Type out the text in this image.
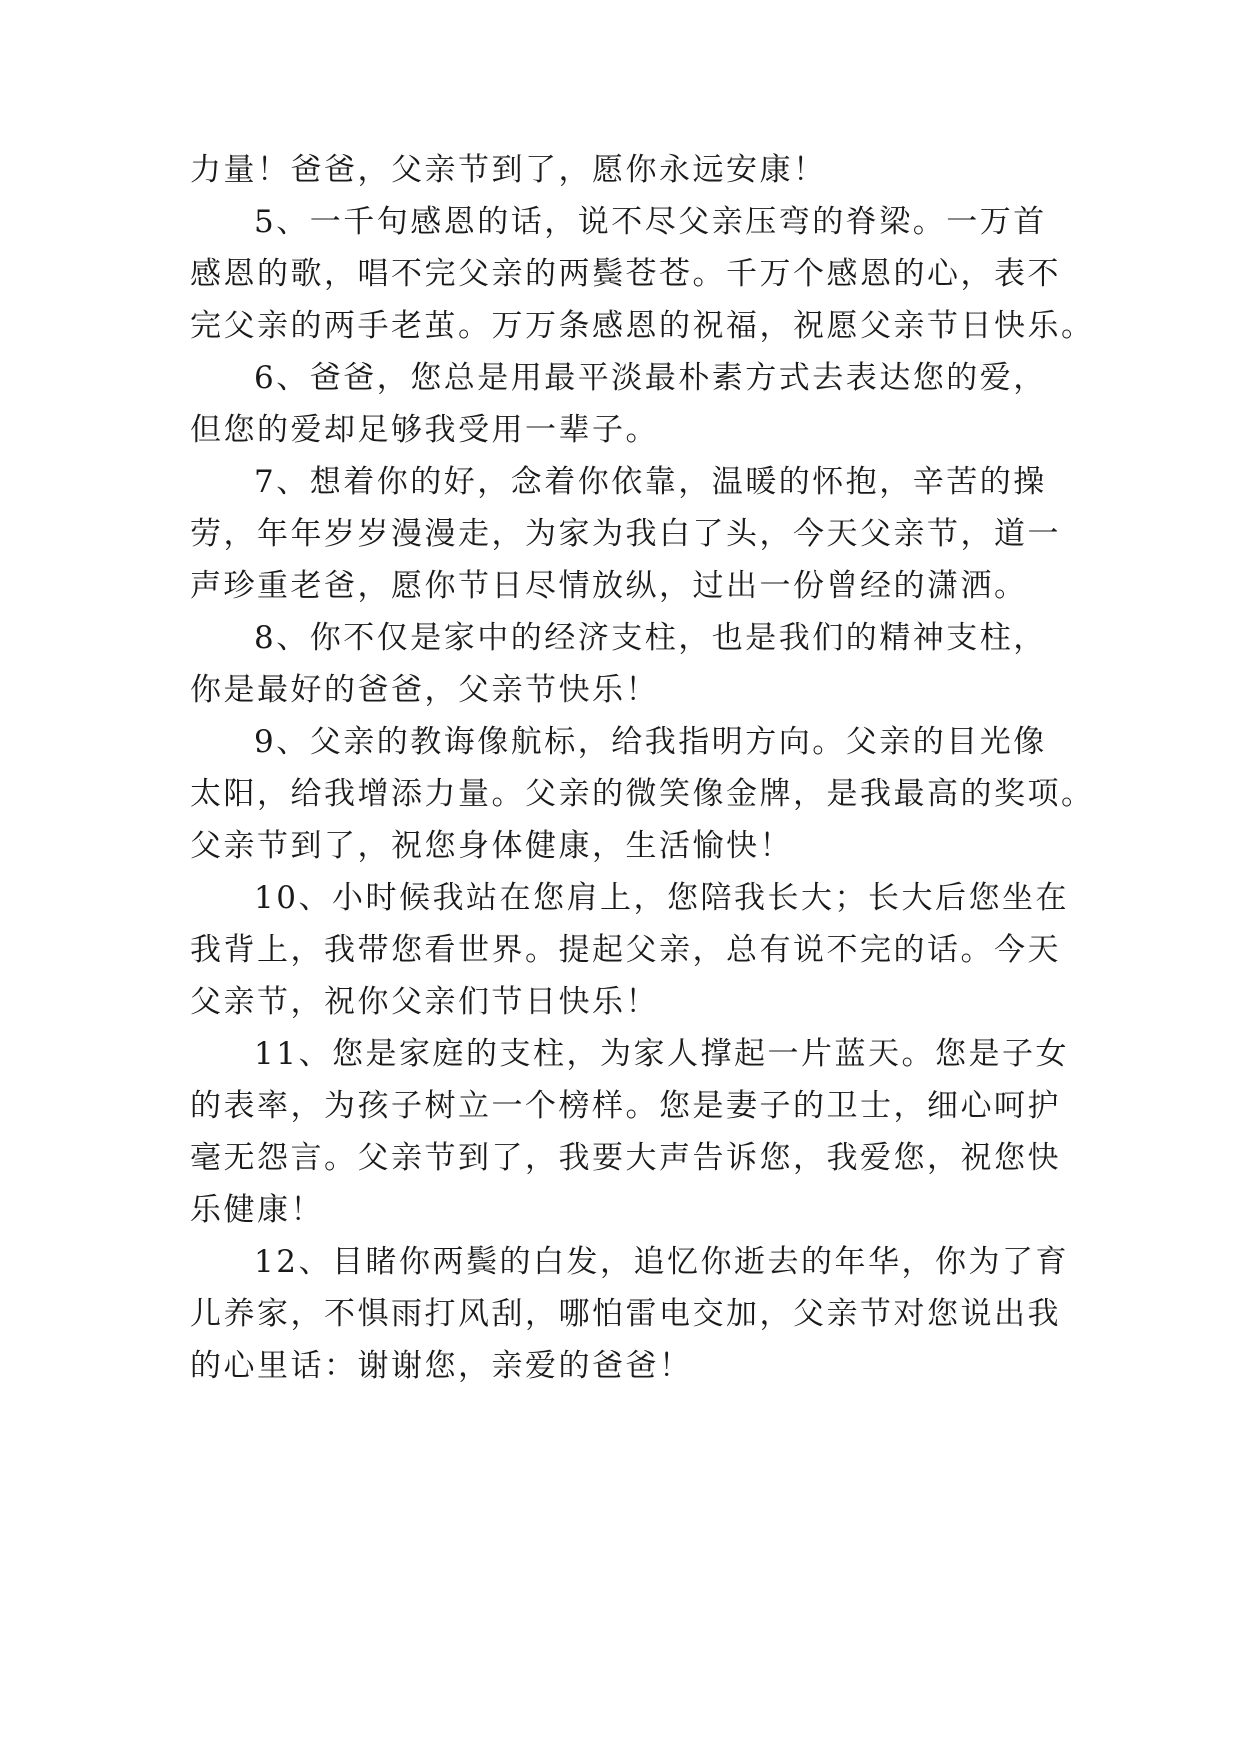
力量！爸爸，父亲节到了，愿你永远安康！
5、一千句感恩的话，说不尽父亲压弯的脊梁。一万首
感恩的歌，唱不完父亲的两鬓苍苍。千万个感恩的心，表不
完父亲的两手老茧。万万条感恩的祝福，祝愿父亲节日快乐。
6、爸爸，您总是用最平淡最朴素方式去表达您的爱，
但您的爱却足够我受用一辈子。
7、想着你的好，念着你依靠，温暖的怀抱，辛苦的操
劳，年年岁岁漫漫走，为家为我白了头，今天父亲节，道一
声珍重老爸，愿你节日尽情放纵，过出一份曾经的潇洒。
8、你不仅是家中的经济支柱，也是我们的精神支柱，
你是最好的爸爸，父亲节快乐！
9、父亲的教诲像航标，给我指明方向。父亲的目光像
太阳，给我增添力量。父亲的微笑像金牌，是我最高的奖项。
父亲节到了，祝您身体健康，生活愉快！
10、小时候我站在您肩上，您陪我长大；长大后您坐在
我背上，我带您看世界。提起父亲，总有说不完的话。今天
父亲节，祝你父亲们节日快乐！
11、您是家庭的支柱，为家人撑起一片蓝天。您是子女
的表率，为孩子树立一个榜样。您是妻子的卫士，细心呵护
毫无怨言。父亲节到了，我要大声告诉您，我爱您，祝您快
乐健康！
12、目睹你两鬓的白发，追忆你逝去的年华，你为了育
儿养家，不惧雨打风刮，哪怕雷电交加，父亲节对您说出我
的心里话：谢谢您，亲爱的爸爸！
